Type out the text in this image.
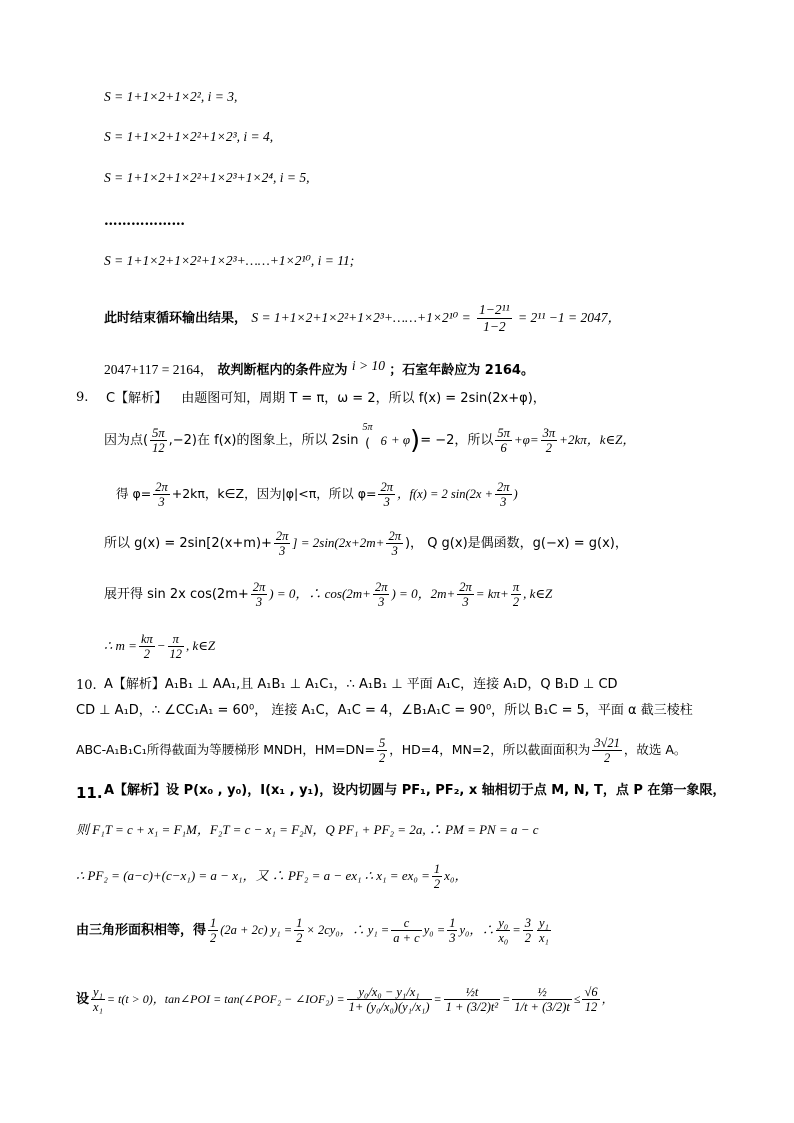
S = 1+1×2+1×2², i = 3,
S = 1+1×2+1×2²+1×2³, i = 4,
S = 1+1×2+1×2²+1×2³+1×2⁴, i = 5,
………………
S = 1+1×2+1×2²+1×2³+……+1×2¹⁰, i = 11;
此时结束循环输出结果， S = 1+1×2+1×2²+1×2³+……+1×2¹⁰ = $\frac{\text{1−2¹¹}}{1-2} = 2^{11} -1 = 2047$，
2047+117 = 2164， 故判断框内的条件应为 i > 10 ；石室年龄应为 2164。
9.	C【解析】 由题图可知，周期 T = π，ω = 2，所以 f(x) = 2sin(2x+φ)，
因为点( $\frac{5\pi}{12} ,-2$)在 f(x)的图象上，所以 2sin
5π
( 6 + φ)= −2，所以 $\frac{5\pi}{6} +\varphi= \frac{3\pi}{2} +2k\pi$，k∈Z，
得 $\varphi= \frac{2\pi}{3} +2k\pi$，k∈Z，因为|φ|<π，所以 $\varphi= \frac{2\pi}{3}$ ，f(x) = 2 $\sin(2x + \frac{2\pi}{3}$ )
所以 $g(x) = 2\sin[2(x+m)+ \frac{2\pi}{3}$ ] = $2\sin(2x+2m+ \frac{2\pi}{3}$ )， Q g(x)是偶函数，g(−x) = g(x)，
展开得 sin 2x $\cos(2m+ \frac{2\pi}{3}$ ) = 0，∴ $\cos(2m+ \frac{2\pi}{3}$ ) = 0，$2m+ \frac{2\pi}{3} = k\pi+ \frac{\pi}{2}$ , k∈Z
∴ $m = \frac{k\pi}{2} - \frac{\pi}{12}$ , k∈Z
10. A【解析】A₁B₁ ⊥ AA₁,且 A₁B₁ ⊥ A₁C₁，∴ A₁B₁ ⊥ 平面 A₁C，连接 A₁D，Q B₁D ⊥ CD
CD ⊥ A₁D，∴ ∠CC₁A₁ = 60⁰， 连接 A₁C，A₁C = 4，∠B₁A₁C = 90⁰，所以 B₁C = 5，平面 α 截三棱柱
ABC-A₁B₁C₁所得截面为等腰梯形 MNDH，$HM=DN= \frac{5}{2}$ ，HD=4，MN=2，所以截面面积为 $\frac{3√21}{2}$ ，故选 A。
11. A【解析】设 P(x₀ , y₀)，I(x₁ , y₁)，设内切圆与 PF₁, PF₂, x 轴相切于点 M, N, T，点 P 在第一象限，
则 F₁T = c + x₁ = F₁M，F₂T = c − x₁ = F₂N，Q PF₁ + PF₂ = 2a, ∴ PM = PN = a − c
∴ PF₂ = (a−c)+(c−x₁) = a − x₁，又 ∴ PF₂ = a − ex₁ ∴ $x_1 = ex_0 = \frac{1}{2} x_0$，
由三角形面积相等，得 $\frac{1}{2} (2a + 2c) y_1 = \frac{1}{2} \times 2cy_0$，∴ $y_1 = \frac{c}{a + c} y_0 = \frac{1}{3} y_0$，∴ $\frac{\text{y₀}}{\text{x₀}} = \frac{3}{2} \frac{\text{y₁}}{\text{x₁}}$
设 $\frac{\text{y₁}}{\text{x₁}} = t(t > 0)$，tan∠POI = tan(∠POF₂ − ∠IOF₂) = $\frac{\text{y₀/x₀ − y₁/x₁}}{\text{1+ (y₀/x₀)(y₁/x₁)}} = \frac{\text{½t}}{\text{1 + (3/2)t²}} = \frac{\text{½}}{1/t + (3/2)t} \le \frac{√6}{12}$ ，
